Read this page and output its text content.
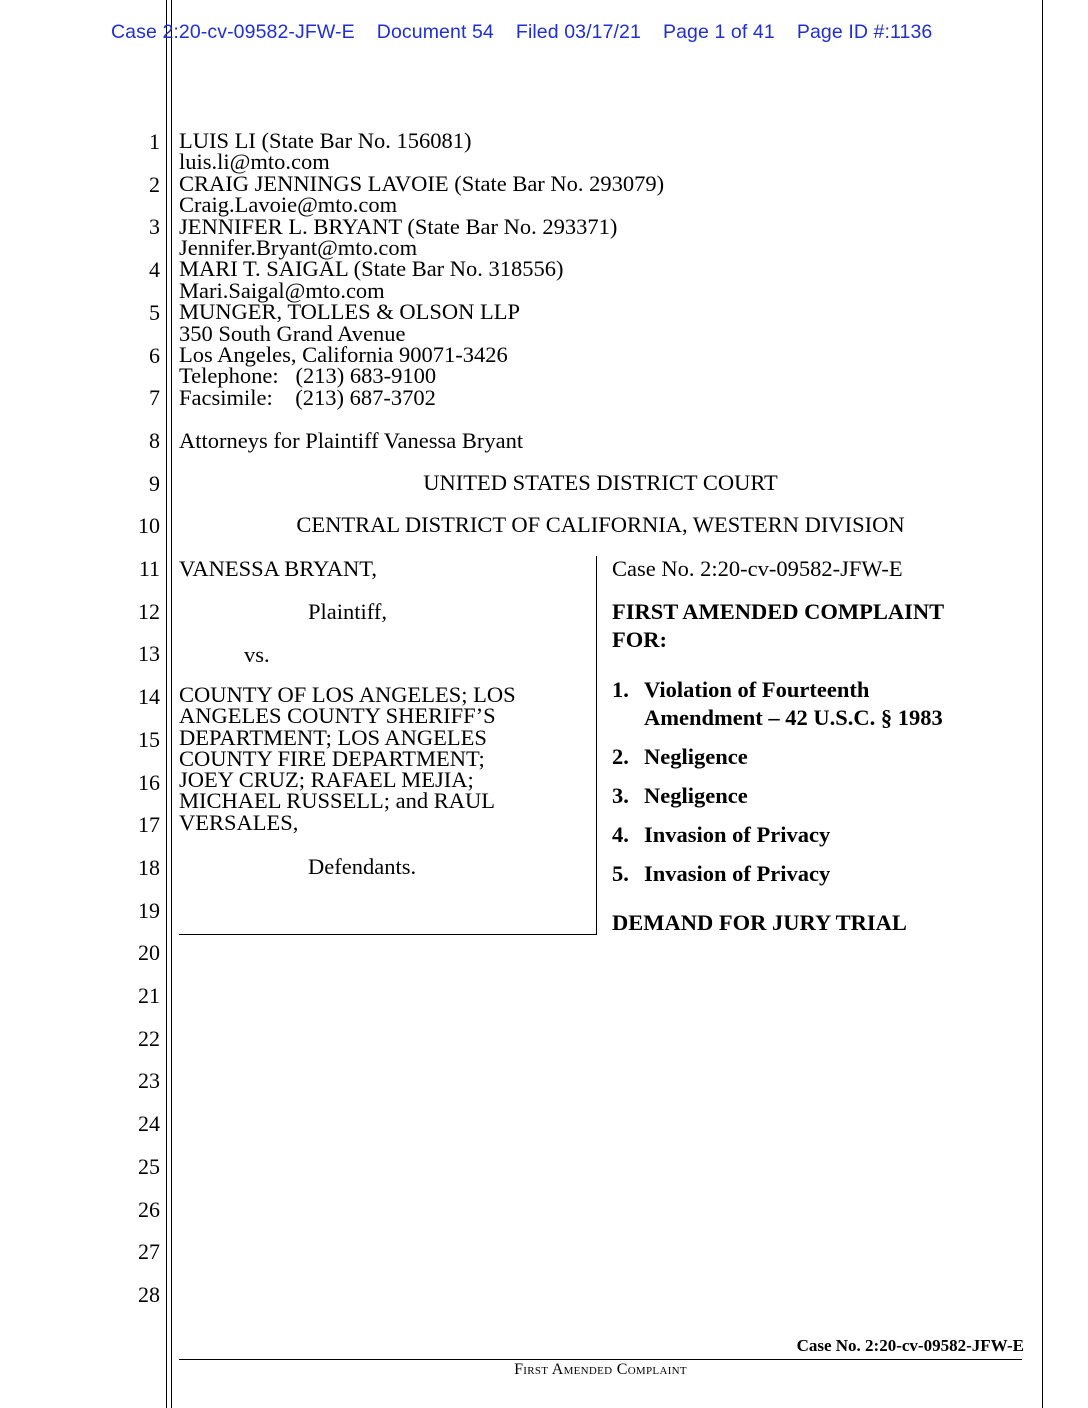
Case 2:20-cv-09582-JFW-E    Document 54    Filed 03/17/21    Page 1 of 41    Page ID #:1136
1
2
3
4
5
6
7
8
9
10
11
12
13
14
15
16
17
18
19
20
21
22
23
24
25
26
27
28
LUIS LI (State Bar No. 156081)
luis.li@mto.com
CRAIG JENNINGS LAVOIE (State Bar No. 293079)
Craig.Lavoie@mto.com
JENNIFER L. BRYANT (State Bar No. 293371)
Jennifer.Bryant@mto.com
MARI T. SAIGAL (State Bar No. 318556)
Mari.Saigal@mto.com
MUNGER, TOLLES & OLSON LLP
350 South Grand Avenue
Los Angeles, California 90071-3426
Telephone:   (213) 683-9100
Facsimile:    (213) 687-3702
Attorneys for Plaintiff Vanessa Bryant
UNITED STATES DISTRICT COURT
CENTRAL DISTRICT OF CALIFORNIA, WESTERN DIVISION
VANESSA BRYANT,
Plaintiff,
vs.
COUNTY OF LOS ANGELES; LOS
ANGELES COUNTY SHERIFF’S
DEPARTMENT; LOS ANGELES
COUNTY FIRE DEPARTMENT;
JOEY CRUZ; RAFAEL MEJIA;
MICHAEL RUSSELL; and RAUL
VERSALES,
Defendants.
Case No. 2:20-cv-09582-JFW-E
FIRST AMENDED COMPLAINT
FOR:
1. Violation of Fourteenth
Amendment – 42 U.S.C. § 1983
2. Negligence
3. Negligence
4. Invasion of Privacy
5. Invasion of Privacy
DEMAND FOR JURY TRIAL
Case No. 2:20-cv-09582-JFW-E
First Amended Complaint
